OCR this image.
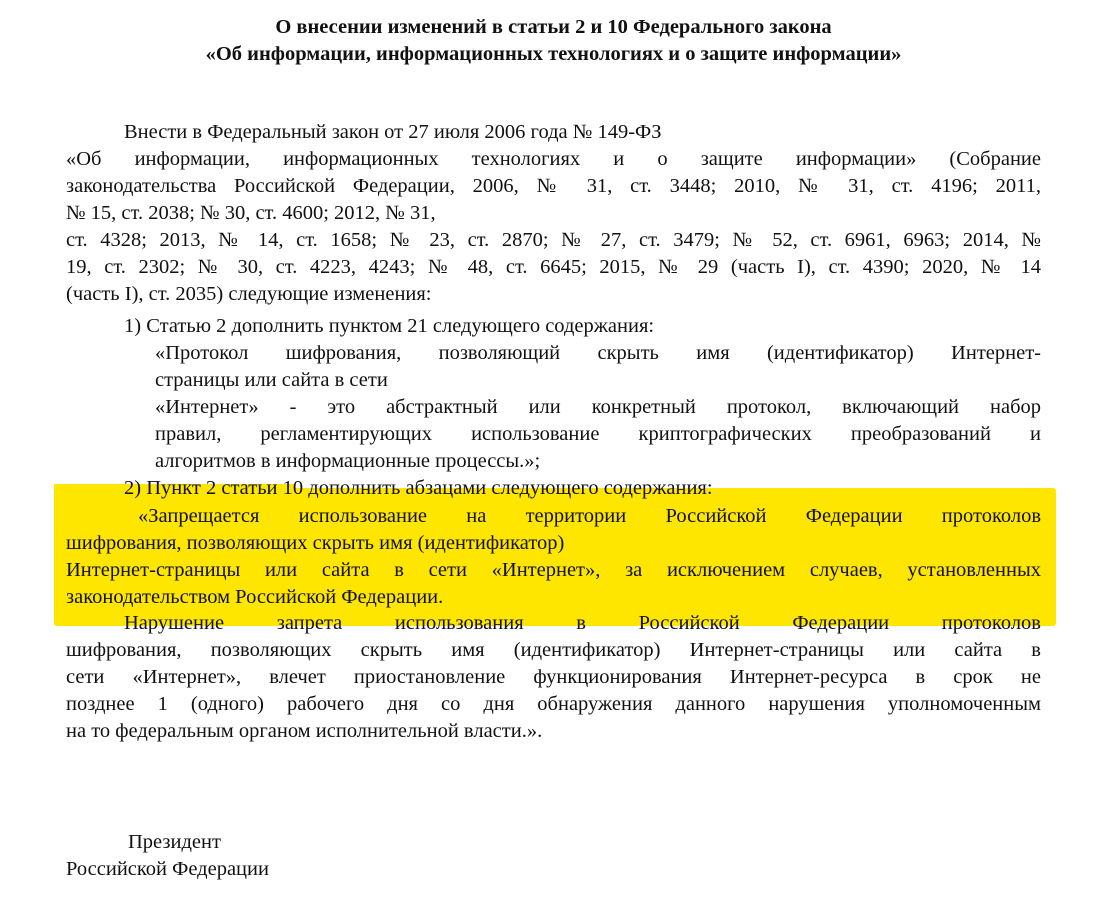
О внесении изменений в статьи 2 и 10 Федерального закона
«Об информации, информационных технологиях и о защите информации»
Внести в Федеральный закон от 27 июля 2006 года № 149-ФЗ
«Об информации, информационных технологиях и о защите информации» (Собрание
законодательства Российской Федерации, 2006, № 31, ст. 3448; 2010, № 31, ст. 4196; 2011,
№ 15, ст. 2038; № 30, ст. 4600; 2012, № 31,
ст. 4328; 2013, № 14, ст. 1658; № 23, ст. 2870; № 27, ст. 3479; № 52, ст. 6961, 6963; 2014, №
19, ст. 2302; № 30, ст. 4223, 4243; № 48, ст. 6645; 2015, № 29 (часть I), ст. 4390; 2020, № 14
(часть I), ст. 2035) следующие изменения:
1) Статью 2 дополнить пунктом 21 следующего содержания:
«Протокол шифрования, позволяющий скрыть имя (идентификатор) Интернет-
страницы или сайта в сети
«Интернет» - это абстрактный или конкретный протокол, включающий набор
правил, регламентирующих использование криптографических преобразований и
алгоритмов в информационные процессы.»;
2) Пункт 2 статьи 10 дополнить абзацами следующего содержания:
«Запрещается использование на территории Российской Федерации протоколов
шифрования, позволяющих скрыть имя (идентификатор)
Интернет-страницы или сайта в сети «Интернет», за исключением случаев, установленных
законодательством Российской Федерации.
Нарушение запрета использования в Российской Федерации протоколов
шифрования, позволяющих скрыть имя (идентификатор) Интернет-страницы или сайта в
сети «Интернет», влечет приостановление функционирования Интернет-ресурса в срок не
позднее 1 (одного) рабочего дня со дня обнаружения данного нарушения уполномоченным
на то федеральным органом исполнительной власти.».
Президент
Российской Федерации
